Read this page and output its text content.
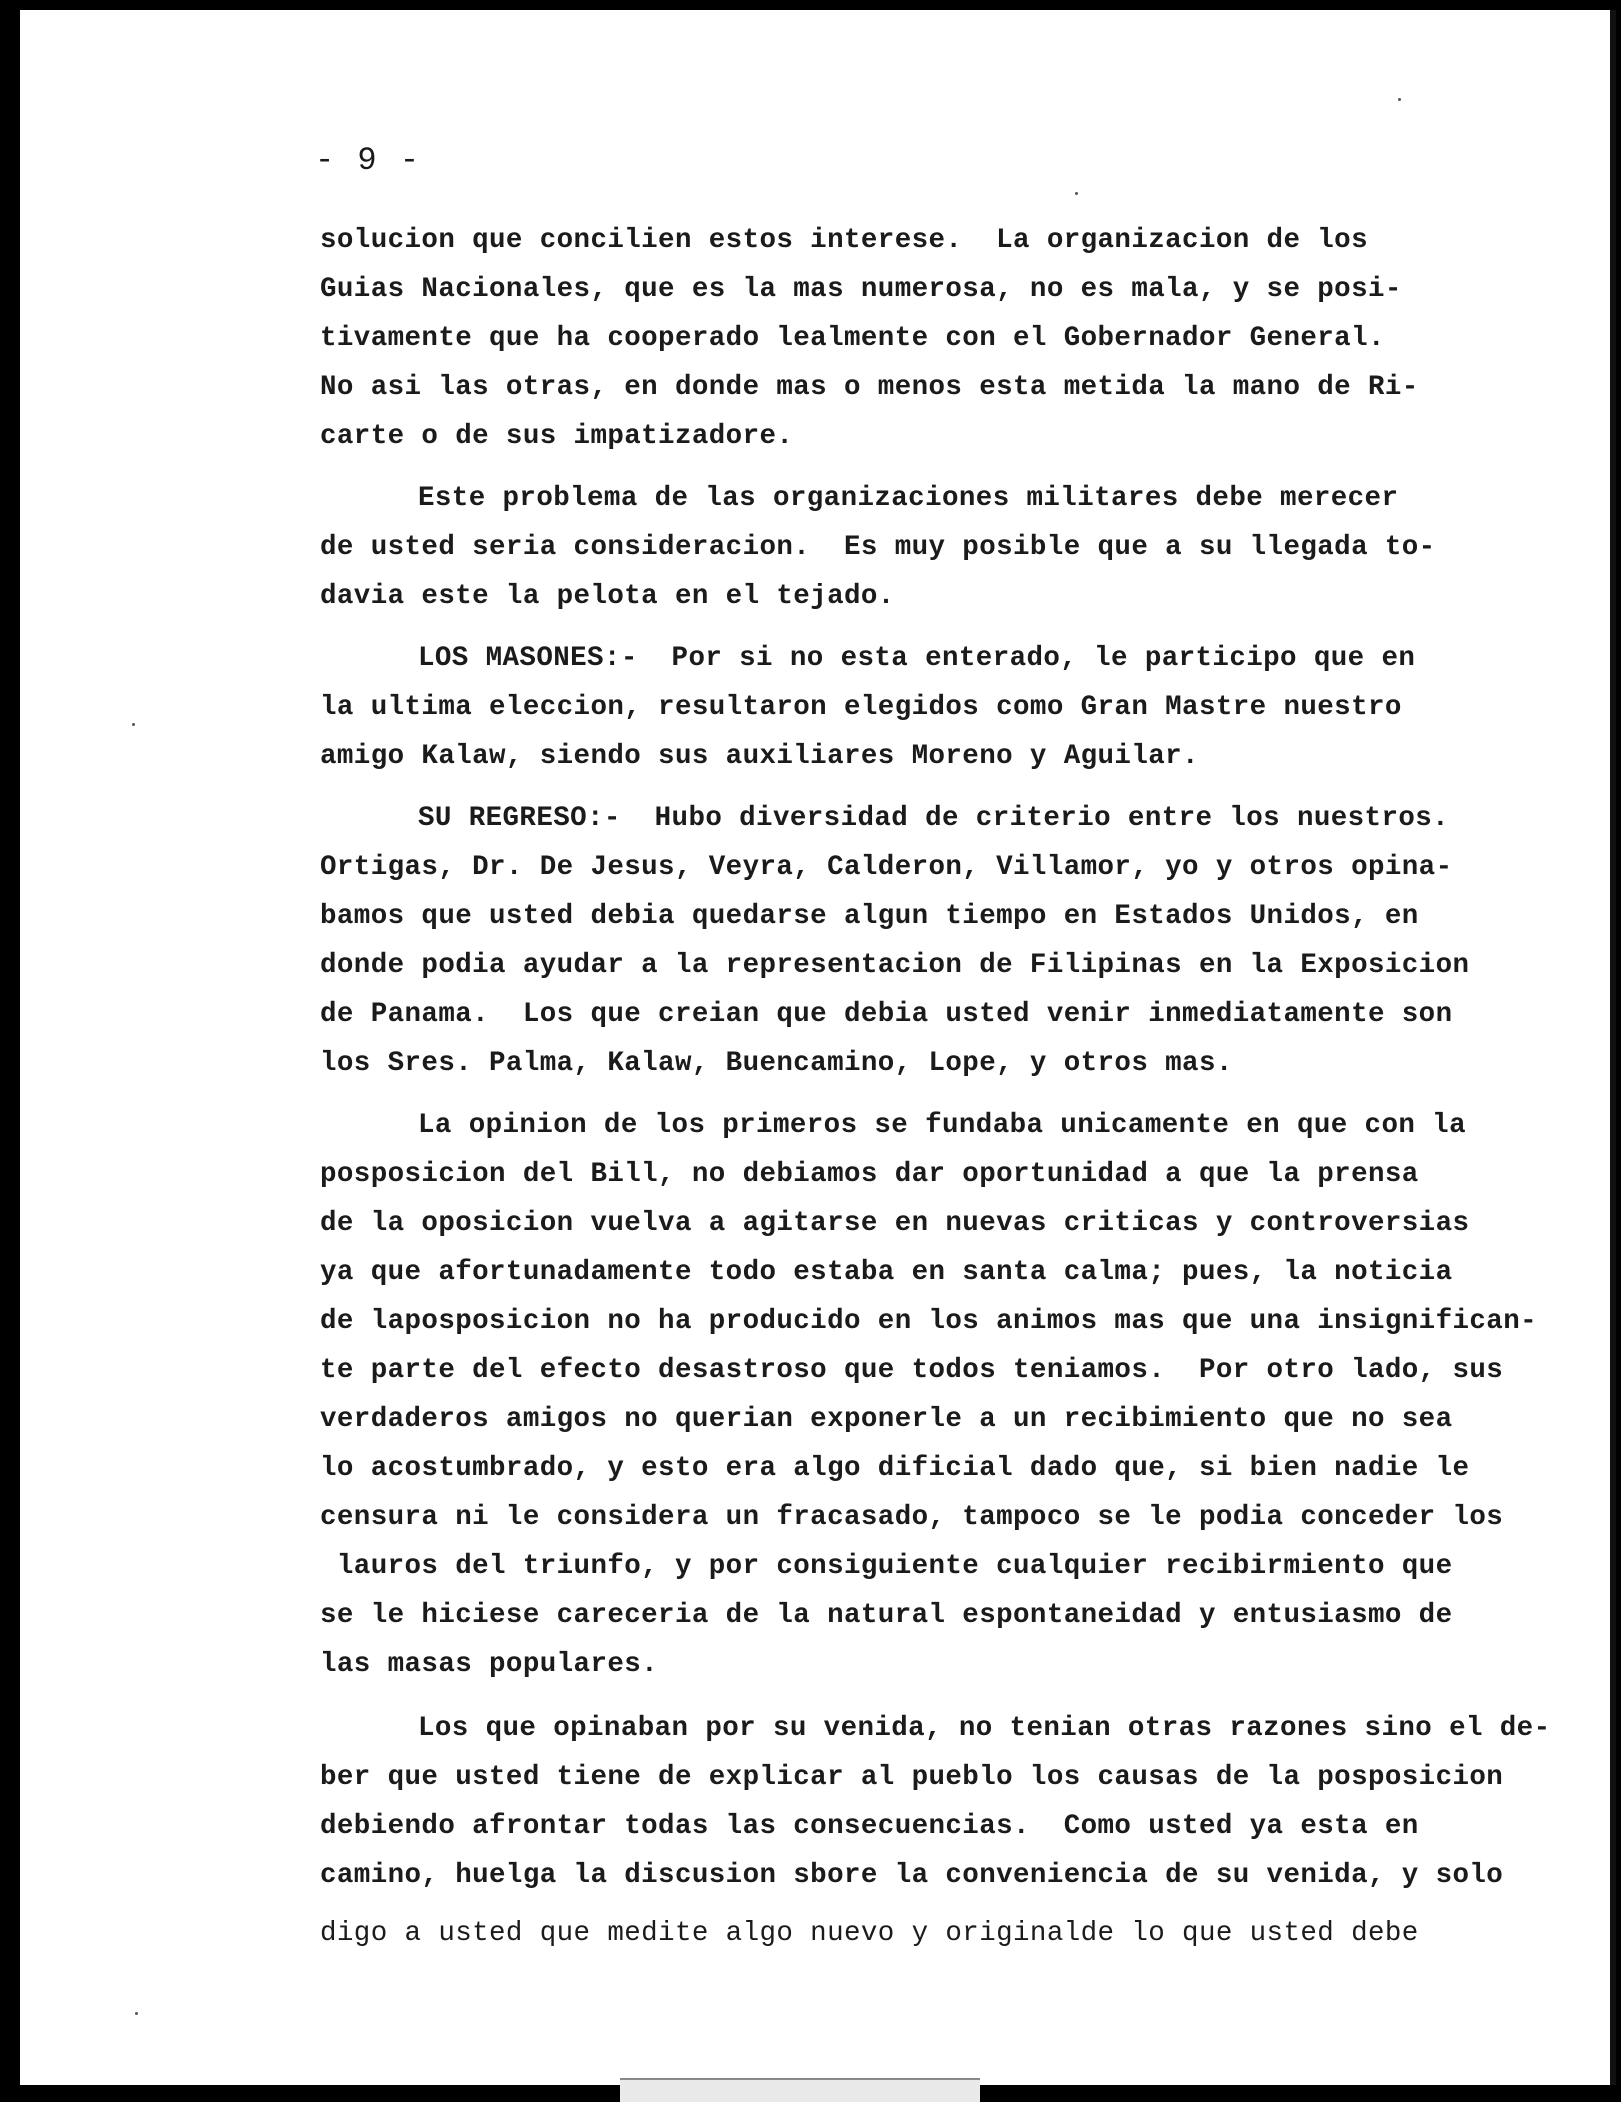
- 9 -

solucion que concilien estos interese.  La organizacion de los

Guias Nacionales, que es la mas numerosa, no es mala, y se posi-

tivamente que ha cooperado lealmente con el Gobernador General.

No asi las otras, en donde mas o menos esta metida la mano de Ri-

carte o de sus impatizadore.

Este problema de las organizaciones militares debe merecer

de usted seria consideracion.  Es muy posible que a su llegada to-

davia este la pelota en el tejado.

LOS MASONES:-  Por si no esta enterado, le participo que en

la ultima eleccion, resultaron elegidos como Gran Mastre nuestro

amigo Kalaw, siendo sus auxiliares Moreno y Aguilar.

SU REGRESO:-  Hubo diversidad de criterio entre los nuestros.

Ortigas, Dr. De Jesus, Veyra, Calderon, Villamor, yo y otros opina-

bamos que usted debia quedarse algun tiempo en Estados Unidos, en

donde podia ayudar a la representacion de Filipinas en la Exposicion

de Panama.  Los que creian que debia usted venir inmediatamente son

los Sres. Palma, Kalaw, Buencamino, Lope, y otros mas.

La opinion de los primeros se fundaba unicamente en que con la

posposicion del Bill, no debiamos dar oportunidad a que la prensa

de la oposicion vuelva a agitarse en nuevas criticas y controversias

ya que afortunadamente todo estaba en santa calma; pues, la noticia

de laposposicion no ha producido en los animos mas que una insignifican-

te parte del efecto desastroso que todos teniamos.  Por otro lado, sus

verdaderos amigos no querian exponerle a un recibimiento que no sea

lo acostumbrado, y esto era algo dificial dado que, si bien nadie le

censura ni le considera un fracasado, tampoco se le podia conceder los

lauros del triunfo, y por consiguiente cualquier recibirmiento que

se le hiciese careceria de la natural espontaneidad y entusiasmo de

las masas populares.

Los que opinaban por su venida, no tenian otras razones sino el de-

ber que usted tiene de explicar al pueblo los causas de la posposicion

debiendo afrontar todas las consecuencias.  Como usted ya esta en

camino, huelga la discusion sbore la conveniencia de su venida, y solo

digo a usted que medite algo nuevo y originalde lo que usted debe
